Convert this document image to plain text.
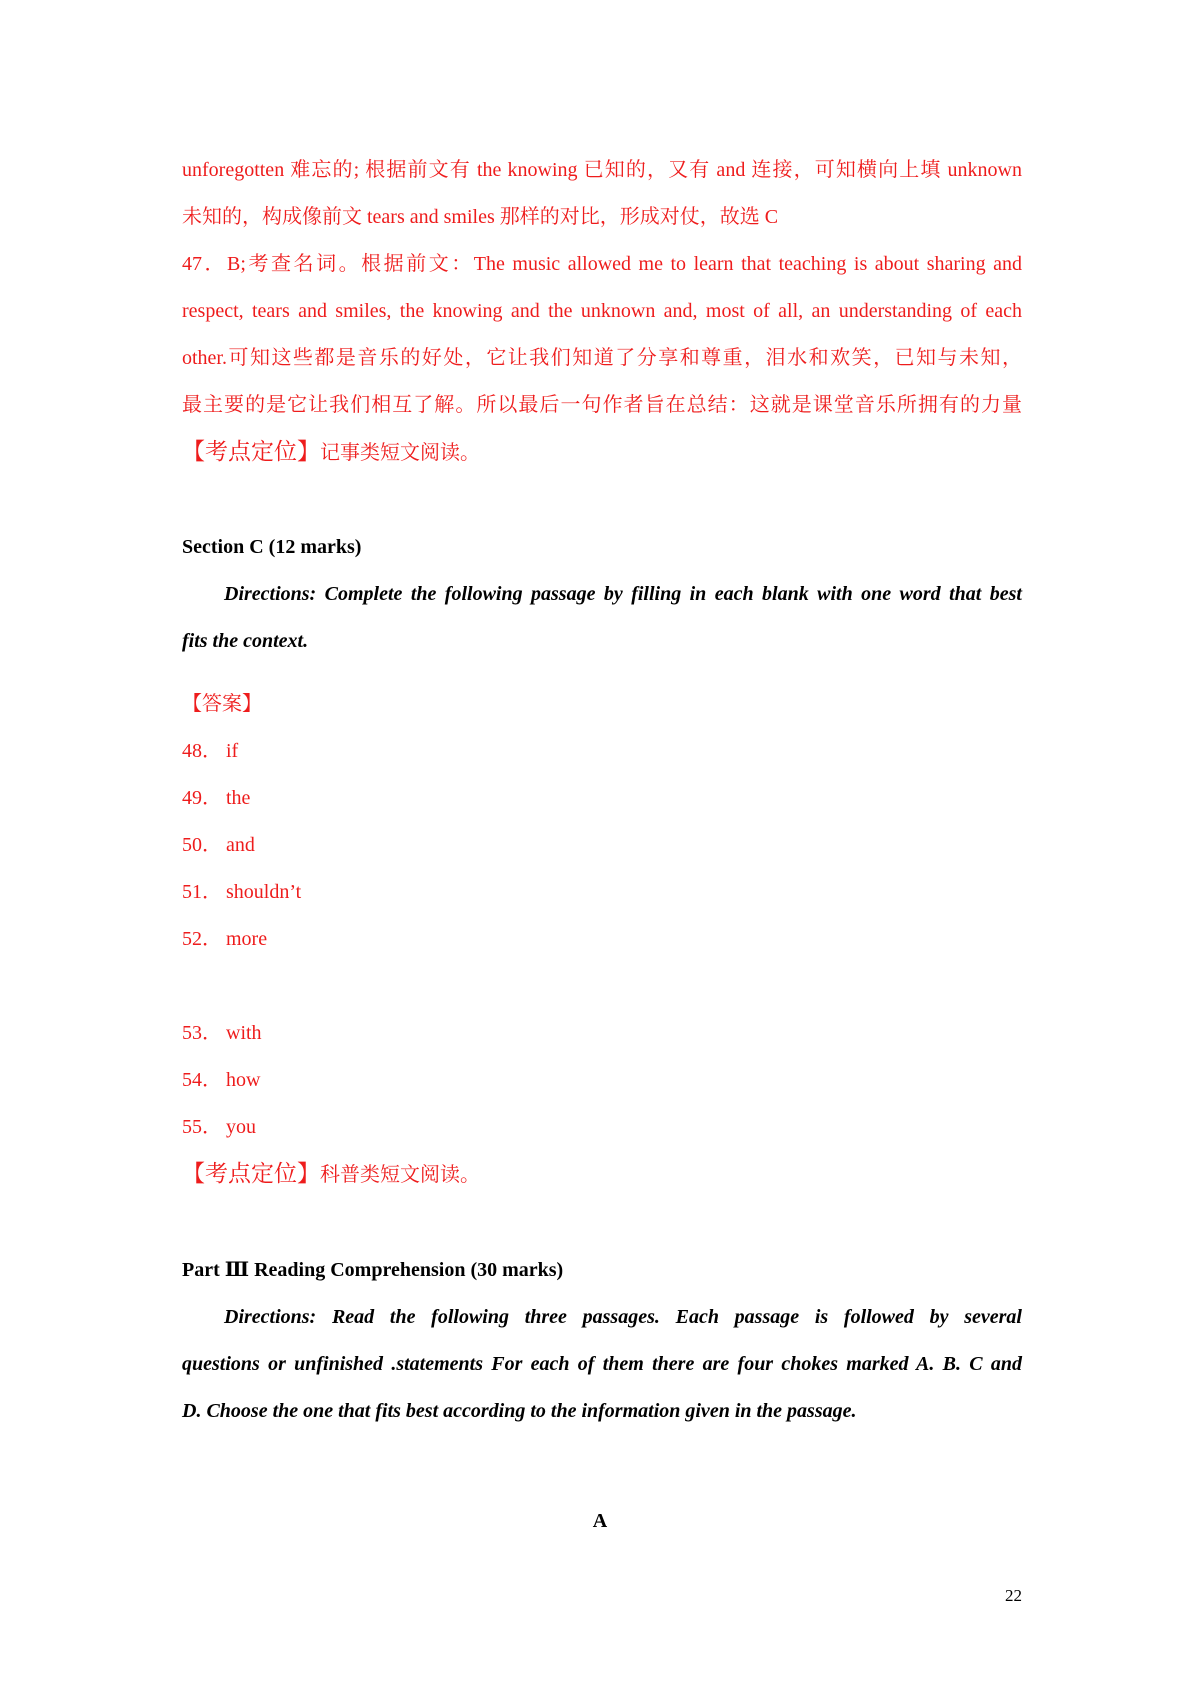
unforegotten 难忘的; 根据前文有 the knowing 已知的，又有 and 连接，可知横向上填 unknown
未知的，构成像前文 tears and smiles 那样的对比，形成对仗，故选 C
47．B;考查名词。根据前文：The music allowed me to learn that teaching is about sharing and
respect, tears and smiles, the knowing and the unknown and, most of all, an understanding of each
other.可知这些都是音乐的好处，它让我们知道了分享和尊重，泪水和欢笑，已知与未知，
最主要的是它让我们相互了解。所以最后一句作者旨在总结：这就是课堂音乐所拥有的力量
【考点定位】记事类短文阅读。
Section C (12 marks)
Directions: Complete the following passage by filling in each blank with one word that best
fits the context.
【答案】
48． if
49． the
50． and
51． shouldn’t
52． more
53． with
54． how
55． you
【考点定位】科普类短文阅读。
Part Ⅲ Reading Comprehension (30 marks)
Directions: Read the following three passages. Each passage is followed by several
questions or unfinished .statements For each of them there are four chokes marked A. B. C and
D. Choose the one that fits best according to the information given in the passage.
A
22
